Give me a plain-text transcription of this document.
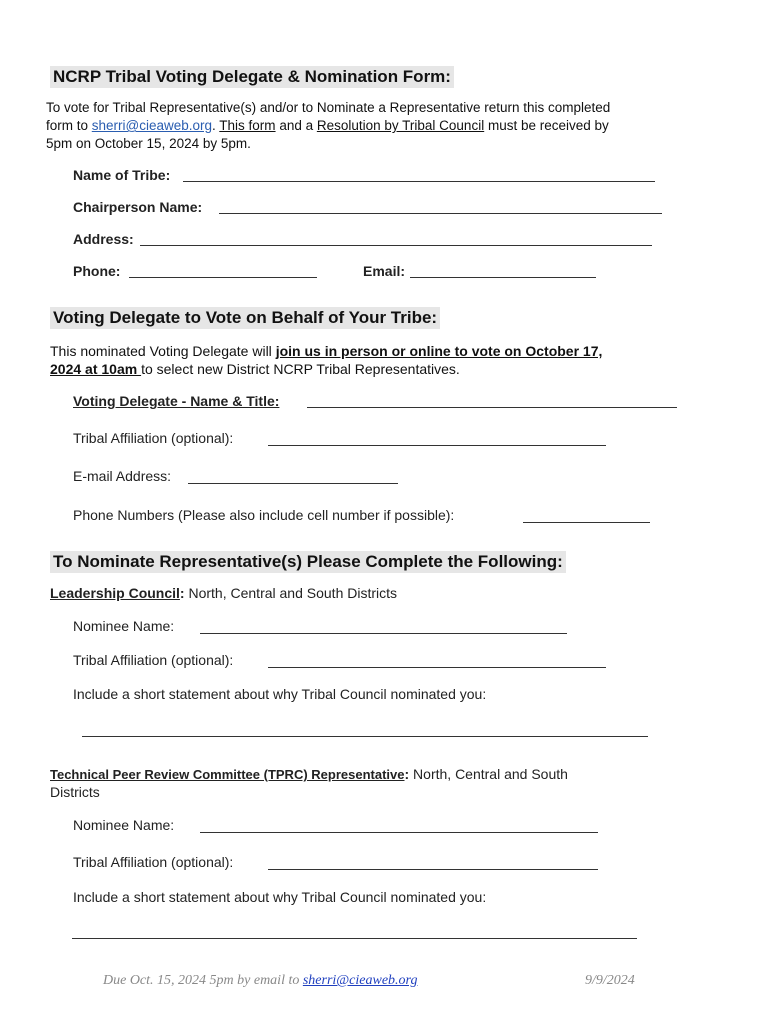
NCRP Tribal Voting Delegate & Nomination Form:
To vote for Tribal Representative(s) and/or to Nominate a Representative return this completed
form to sherri@cieaweb.org. This form and a Resolution by Tribal Council must be received by
5pm on October 15, 2024 by 5pm.
Name of Tribe:
Chairperson Name:
Address:
Phone:	Email:
Voting Delegate to Vote on Behalf of Your Tribe:
This nominated Voting Delegate will join us in person or online to vote on October 17,
2024 at 10am to select new District NCRP Tribal Representatives.
Voting Delegate - Name & Title:
Tribal Affiliation (optional):
E-mail Address:
Phone Numbers (Please also include cell number if possible):
To Nominate Representative(s) Please Complete the Following:
Leadership Council: North, Central and South Districts
Nominee Name:
Tribal Affiliation (optional):
Include a short statement about why Tribal Council nominated you:
Technical Peer Review Committee (TPRC) Representative: North, Central and South
Districts
Nominee Name:
Tribal Affiliation (optional):
Include a short statement about why Tribal Council nominated you:
Due Oct. 15, 2024 5pm by email to sherri@cieaweb.org	9/9/2024
